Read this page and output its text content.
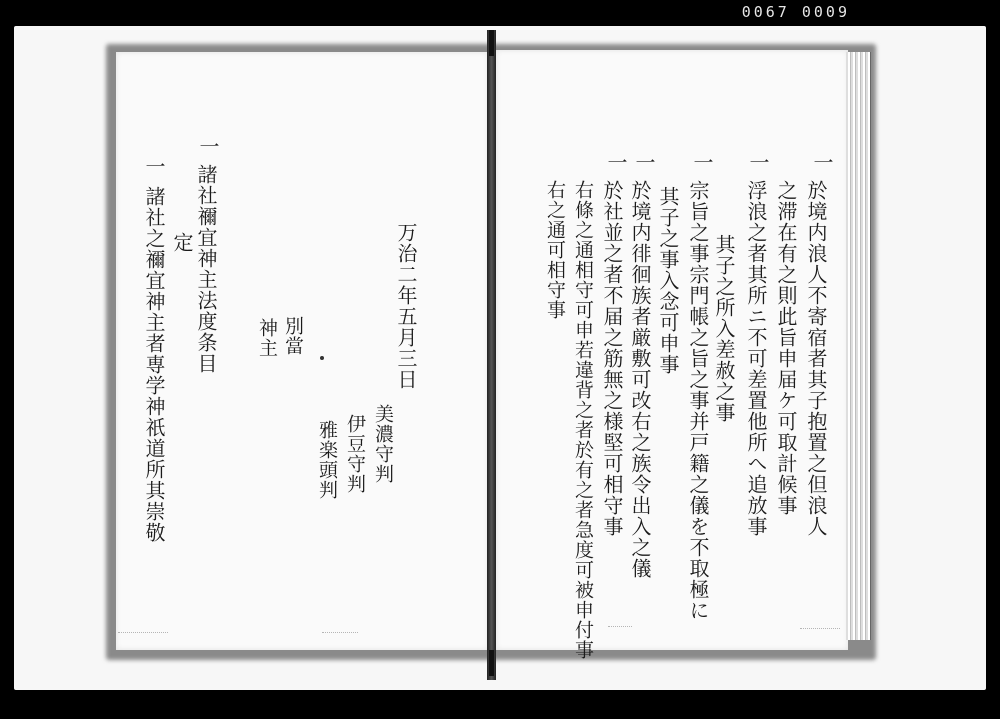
0067 0009
一
於境内浪人不寄宿者其子抱置之但浪人
之滞在有之則此旨申届ケ可取計候事
一
浮浪之者其所ニ不可差置他所へ追放事
其子之所入差赦之事
一
宗旨之事宗門帳之旨之事并戸籍之儀を不取極に
其子之事入念可申事
一
於境内徘徊族者厳敷可改右之族令出入之儀
一
於社並之者不届之筋無之様堅可相守事
右條之通相守可申若違背之者於有之者急度可被申付事
右之通可相守事
万治二年五月三日
美濃守判
伊豆守判
雅楽頭判
別當
神主
定
一
諸社禰宜神主法度条目
一
諸社之禰宜神主者専学神祇道所其崇敬
